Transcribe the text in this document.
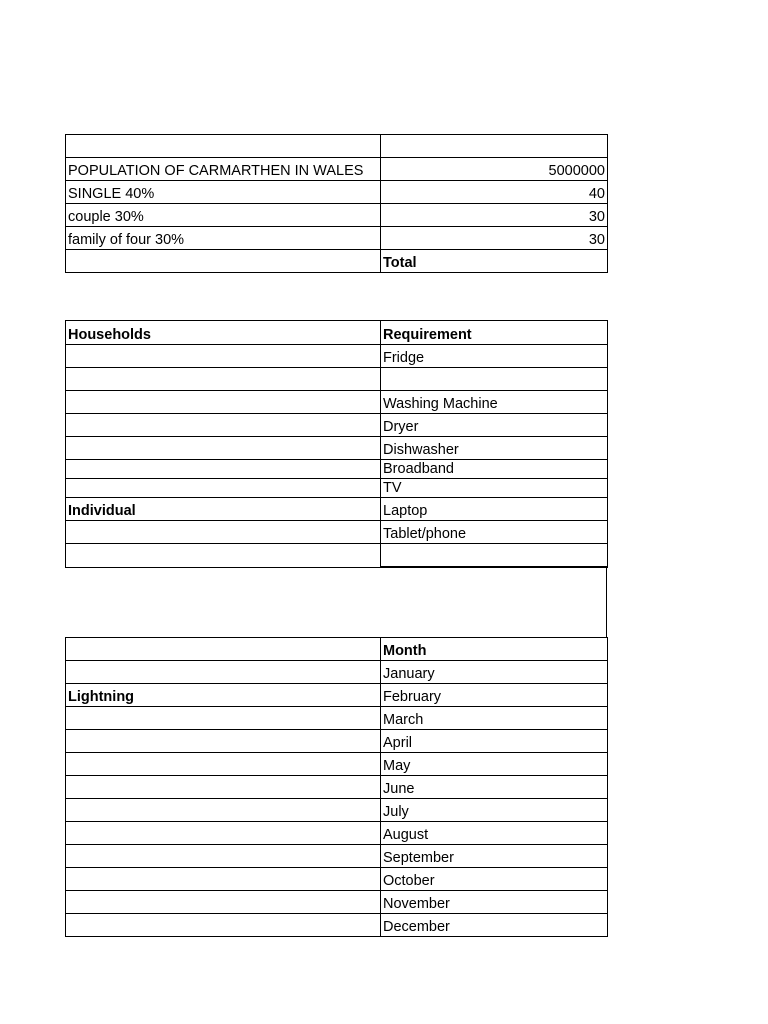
POPULATION OF CARMARTHEN IN WALES	5000000
SINGLE 40%	40
couple 30%	30
family of four 30%	30
	Total
Households	Requirement
	Fridge

	Washing Machine
	Dryer
	Dishwasher
	Broadband
	TV
Individual	Laptop
	Tablet/phone

	Month
	January
Lightning	February
	March
	April
	May
	June
	July
	August
	September
	October
	November
	December
